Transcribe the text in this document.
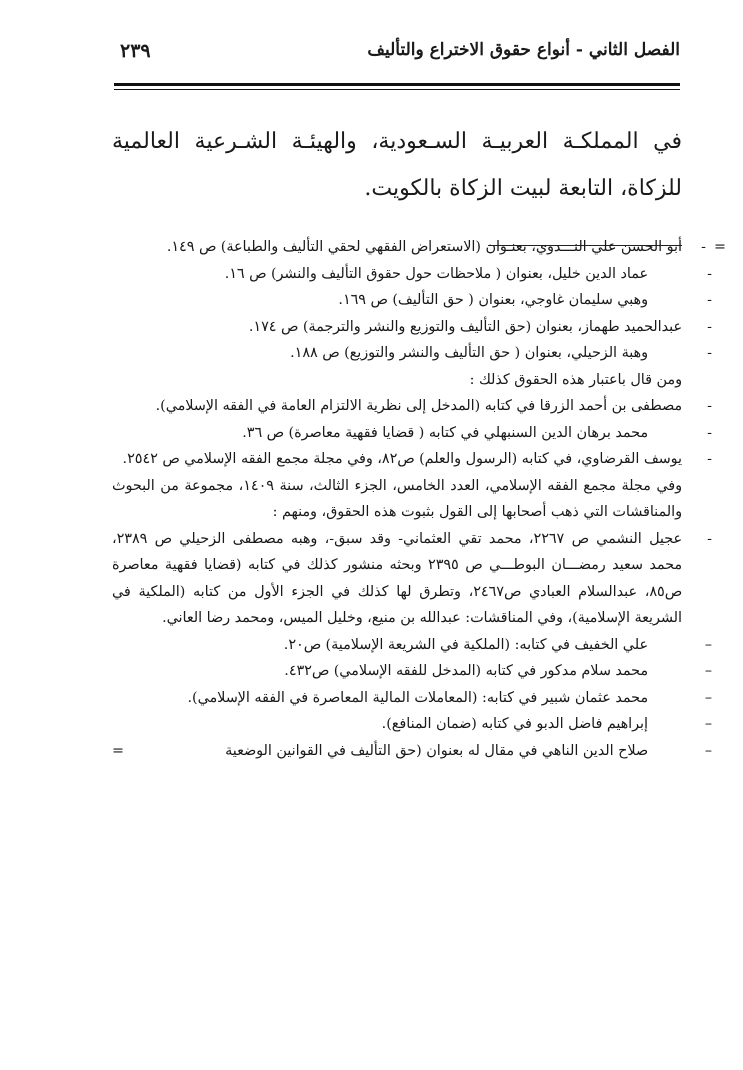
الفصل الثاني - أنواع حقوق الاختراع والتأليف
٢٣٩
في المملكـة العربيـة السـعودية، والهيئـة الشـرعية العالمية للزكاة، التابعة لبيت الزكاة بالكويت.
=
-
أبو الحسن علي النـــدوي، بعنـوان (الاستعراض الفقهي لحقي التأليف والطباعة) ص ١٤٩.
-
عماد الدين خليل، بعنوان ( ملاحظات حول حقوق التأليف والنشر) ص ١٦.
-
وهبي سليمان غاوجي، بعنوان ( حق التأليف) ص ١٦٩.
-
عبدالحميد طهماز، بعنوان (حق التأليف والتوزيع والنشر والترجمة) ص ١٧٤.
-
وهبة الزحيلي، بعنوان ( حق التأليف والنشر والتوزيع) ص ١٨٨.
ومن قال باعتبار هذه الحقوق كذلك :
-
مصطفى بن أحمد الزرقا في كتابه (المدخل إلى نظرية الالتزام العامة في الفقه الإسلامي).
-
محمد برهان الدين السنبهلي في كتابه ( قضايا فقهية معاصرة) ص ٣٦.
-
يوسف القرضاوي، في كتابه (الرسول والعلم) ص٨٢، وفي مجلة مجمع الفقه الإسلامي ص ٢٥٤٢.
وفي مجلة مجمع الفقه الإسلامي، العدد الخامس، الجزء الثالث، سنة ١٤٠٩، مجموعة من البحوث والمناقشات التي ذهب أصحابها إلى القول بثبوت هذه الحقوق، ومنهم :
-
عجيل النشمي ص ٢٢٦٧، محمد تقي العثماني- وقد سبق-، وهبه مصطفى الزحيلي ص ٢٣٨٩، محمد سعيد رمضـــان البوطـــي ص ٢٣٩٥ وبحثه منشور كذلك في كتابه (قضايا فقهية معاصرة ص٨٥، عبدالسلام العبادي ص٢٤٦٧، وتطرق لها كذلك في الجزء الأول من كتابه (الملكية في الشريعة الإسلامية)، وفي المناقشات: عبدالله بن منيع، وخليل الميس، ومحمد رضا العاني.
–
علي الخفيف في كتابه: (الملكية في الشريعة الإسلامية) ص٢٠.
–
محمد سلام مدكور في كتابه (المدخل للفقه الإسلامي) ص٤٣٢.
–
محمد عثمان شبير في كتابه: (المعاملات المالية المعاصرة في الفقه الإسلامي).
–
إبراهيم فاضل الدبو في كتابه (ضمان المنافع).
–
صلاح الدين الناهي في مقال له بعنوان (حق التأليف في القوانين الوضعية
=
